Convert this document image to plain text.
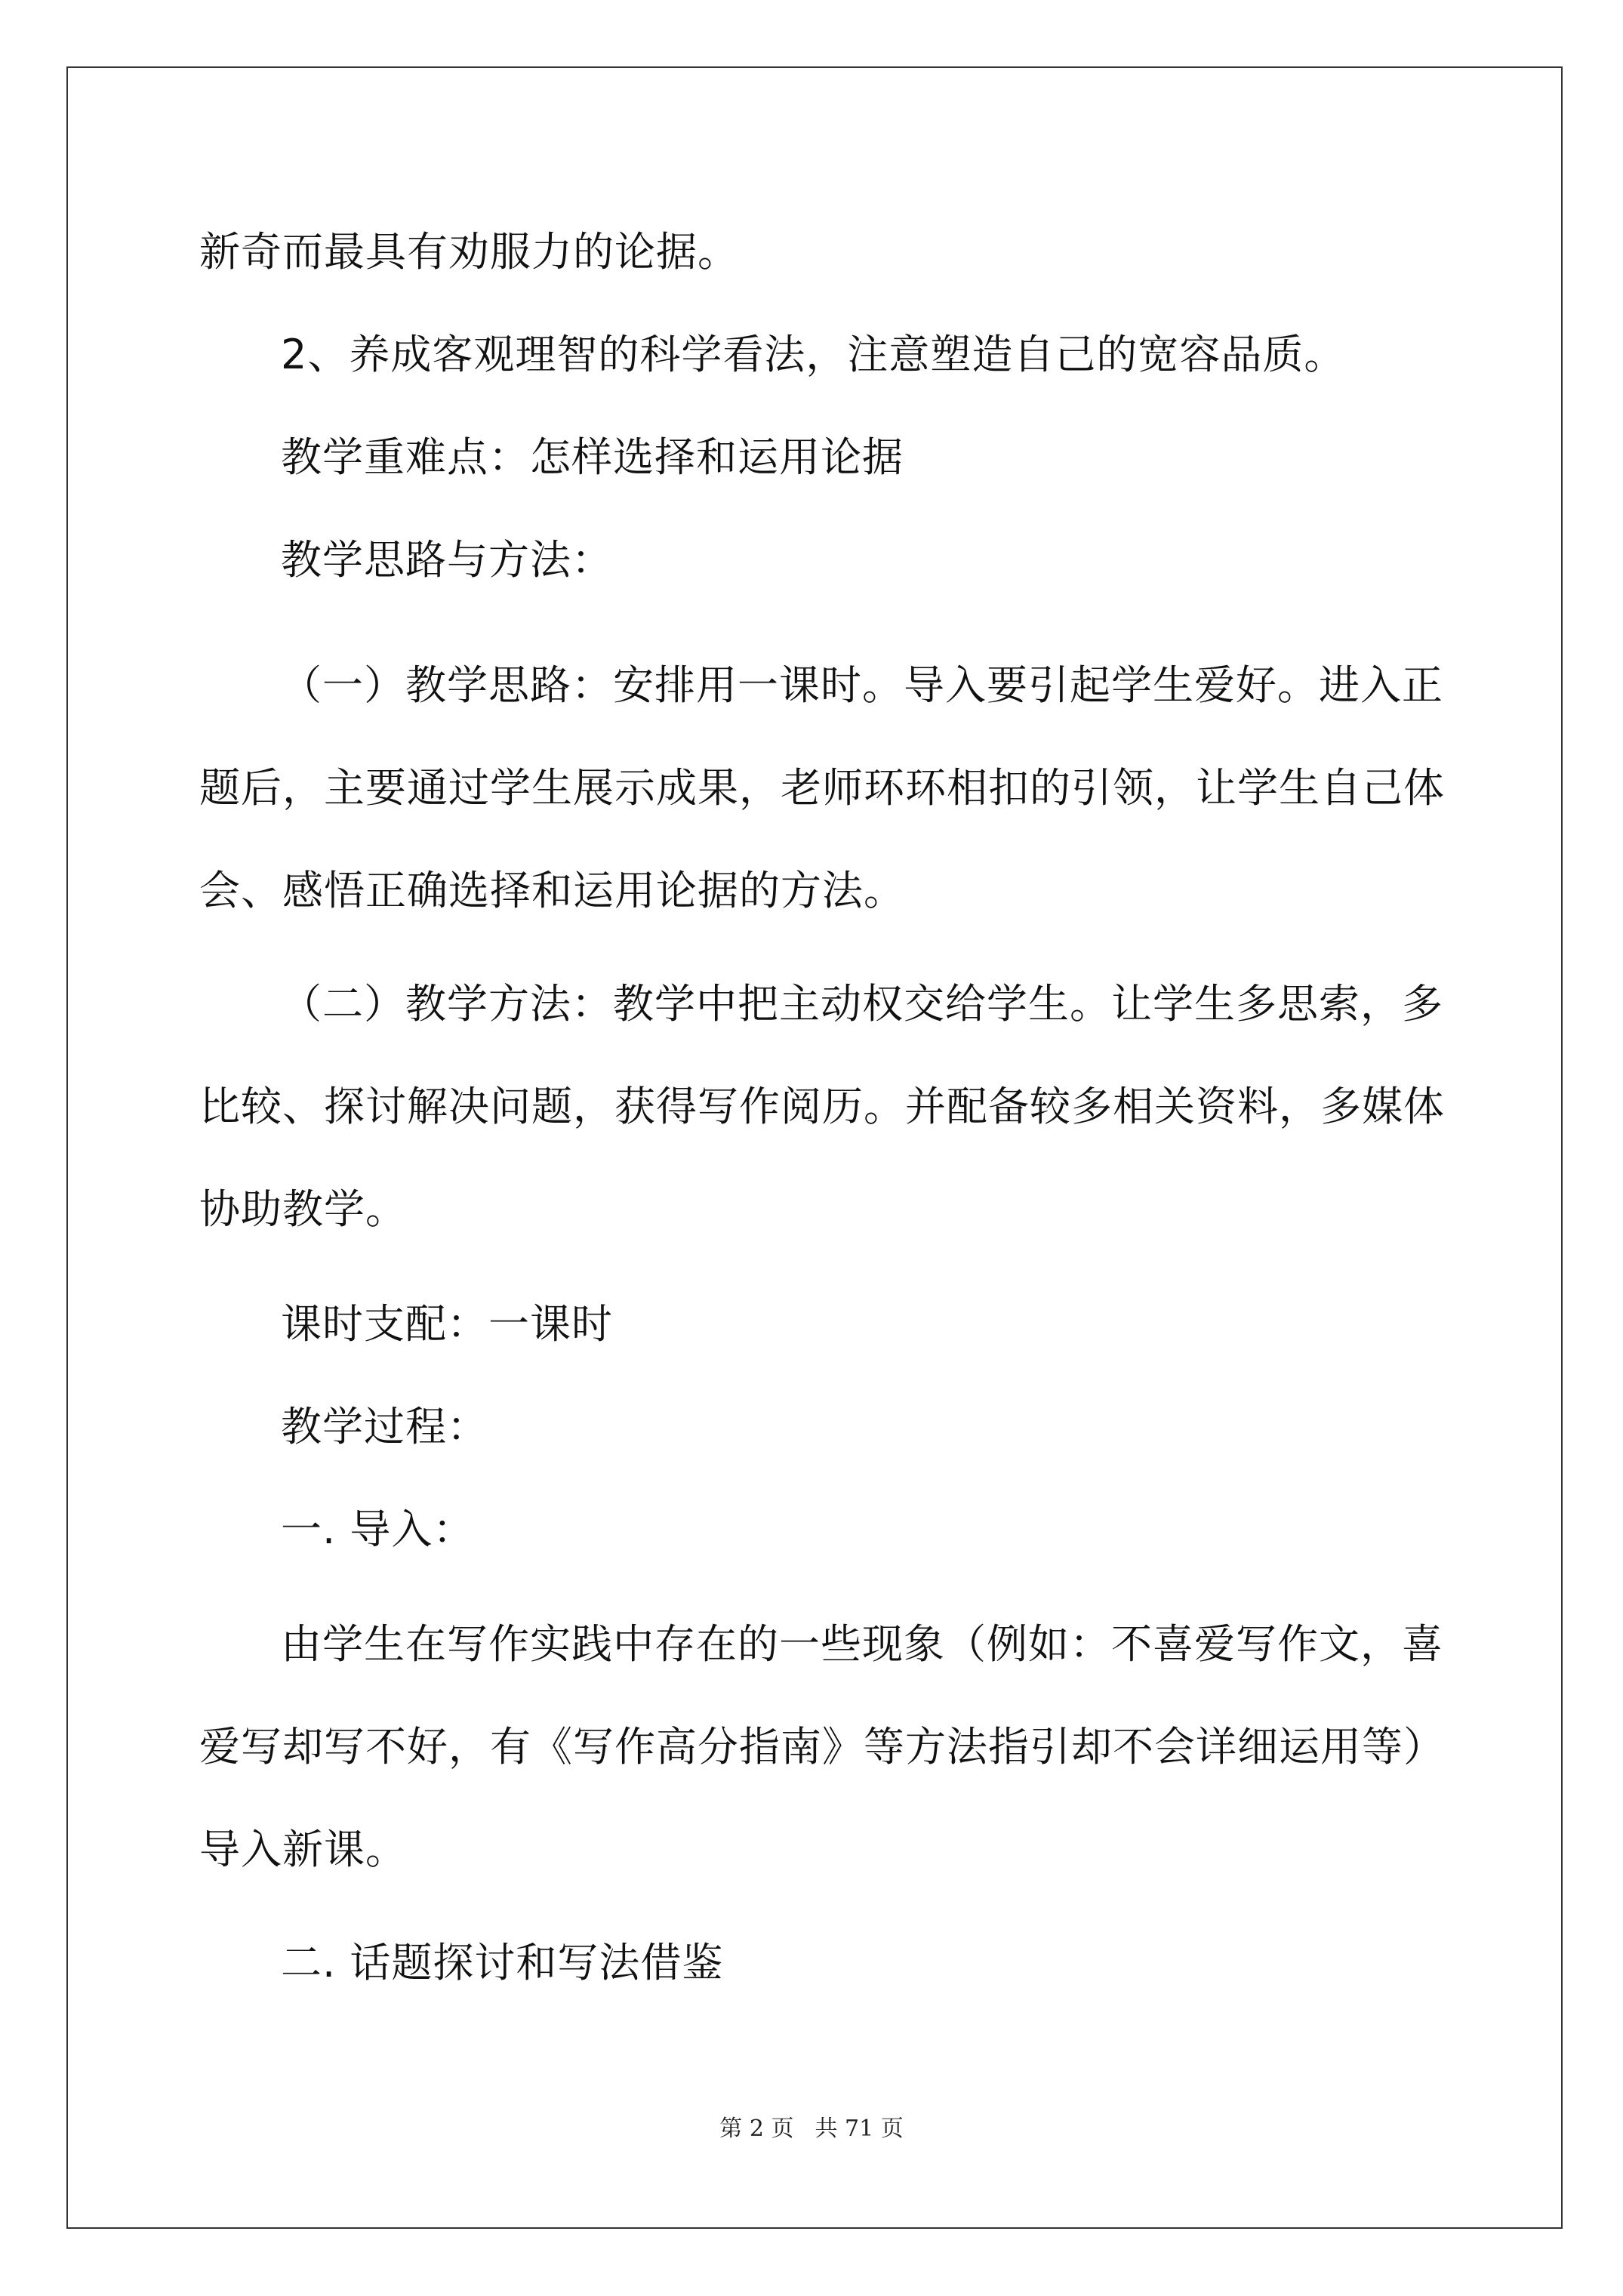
新奇而最具有劝服力的论据。
2、养成客观理智的科学看法，注意塑造自己的宽容品质。
教学重难点：怎样选择和运用论据
教学思路与方法：
（一）教学思路：安排用一课时。导入要引起学生爱好。进入正
题后，主要通过学生展示成果，老师环环相扣的引领，让学生自己体
会、感悟正确选择和运用论据的方法。
（二）教学方法：教学中把主动权交给学生。让学生多思索，多
比较、探讨解决问题，获得写作阅历。并配备较多相关资料，多媒体
协助教学。
课时支配：一课时
教学过程：
一. 导入：
由学生在写作实践中存在的一些现象（例如：不喜爱写作文，喜
爱写却写不好，有《写作高分指南》等方法指引却不会详细运用等）
导入新课。
二. 话题探讨和写法借鉴
第 2 页 共 71 页
